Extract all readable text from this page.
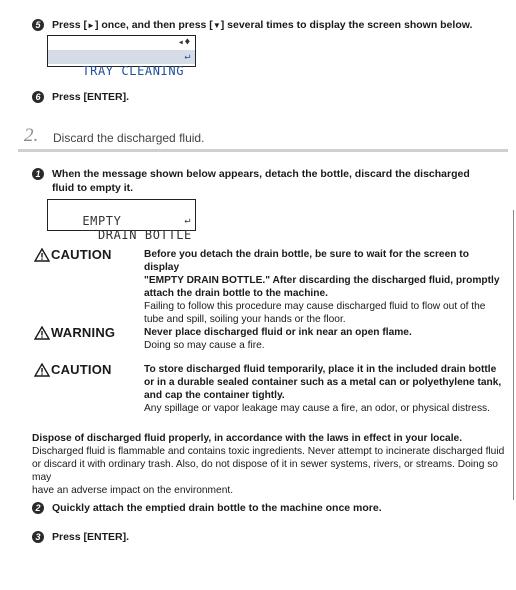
5	Press [►] once, and then press [▼] several times to display the screen shown below.

◂♦

TRAY CLEANING

↵

6	Press [ENTER].
2. Discard the discharged fluid.
1	When the message shown below appears, detach the bottle, discard the discharged
fluid to empty it.

EMPTY

DRAIN BOTTLE

↵

CAUTION	Before you detach the drain bottle, be sure to wait for the screen to display
"EMPTY DRAIN BOTTLE." After discarding the discharged fluid, promptly
attach the drain bottle to the machine.
Failing to follow this procedure may cause discharged fluid to flow out of the
tube and spill, soiling your hands or the floor.
WARNING	Never place discharged fluid or ink near an open flame.
Doing so may cause a fire.
CAUTION	To store discharged fluid temporarily, place it in the included drain bottle
or in a durable sealed container such as a metal can or polyethylene tank,
and cap the container tightly.
Any spillage or vapor leakage may cause a fire, an odor, or physical distress.
Dispose of discharged fluid properly, in accordance with the laws in effect in your locale.
Discharged fluid is flammable and contains toxic ingredients. Never attempt to incinerate discharged fluid
or discard it with ordinary trash. Also, do not dispose of it in sewer systems, rivers, or streams. Doing so may
have an adverse impact on the environment.
2	Quickly attach the emptied drain bottle to the machine once more.
3	Press [ENTER].
